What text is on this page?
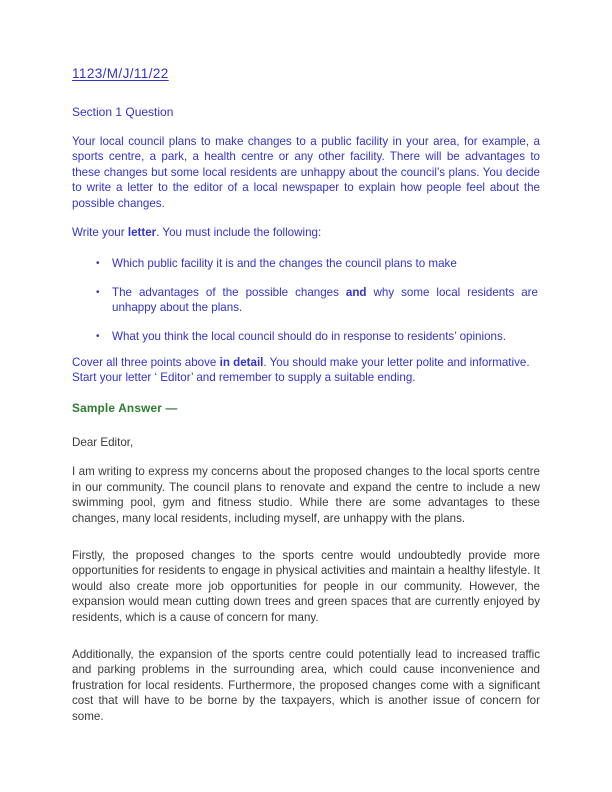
1123/M/J/11/22
Section 1 Question
Your local council plans to make changes to a public facility in your area, for example, a sports centre, a park, a health centre or any other facility. There will be advantages to these changes but some local residents are unhappy about the council’s plans. You decide to write a letter to the editor of a local newspaper to explain how people feel about the possible changes.
Write your letter. You must include the following:
•	Which public facility it is and the changes the council plans to make
•	The advantages of the possible changes and why some local residents are unhappy about the plans.
•	What you think the local council should do in response to residents’ opinions.
Cover all three points above in detail. You should make your letter polite and informative.
Start your letter ‘ Editor’ and remember to supply a suitable ending.
Sample Answer —
Dear Editor,
I am writing to express my concerns about the proposed changes to the local sports centre in our community. The council plans to renovate and expand the centre to include a new swimming pool, gym and fitness studio. While there are some advantages to these changes, many local residents, including myself, are unhappy with the plans.
Firstly, the proposed changes to the sports centre would undoubtedly provide more opportunities for residents to engage in physical activities and maintain a healthy lifestyle. It would also create more job opportunities for people in our community. However, the expansion would mean cutting down trees and green spaces that are currently enjoyed by residents, which is a cause of concern for many.
Additionally, the expansion of the sports centre could potentially lead to increased traffic and parking problems in the surrounding area, which could cause inconvenience and frustration for local residents. Furthermore, the proposed changes come with a significant cost that will have to be borne by the taxpayers, which is another issue of concern for some.
